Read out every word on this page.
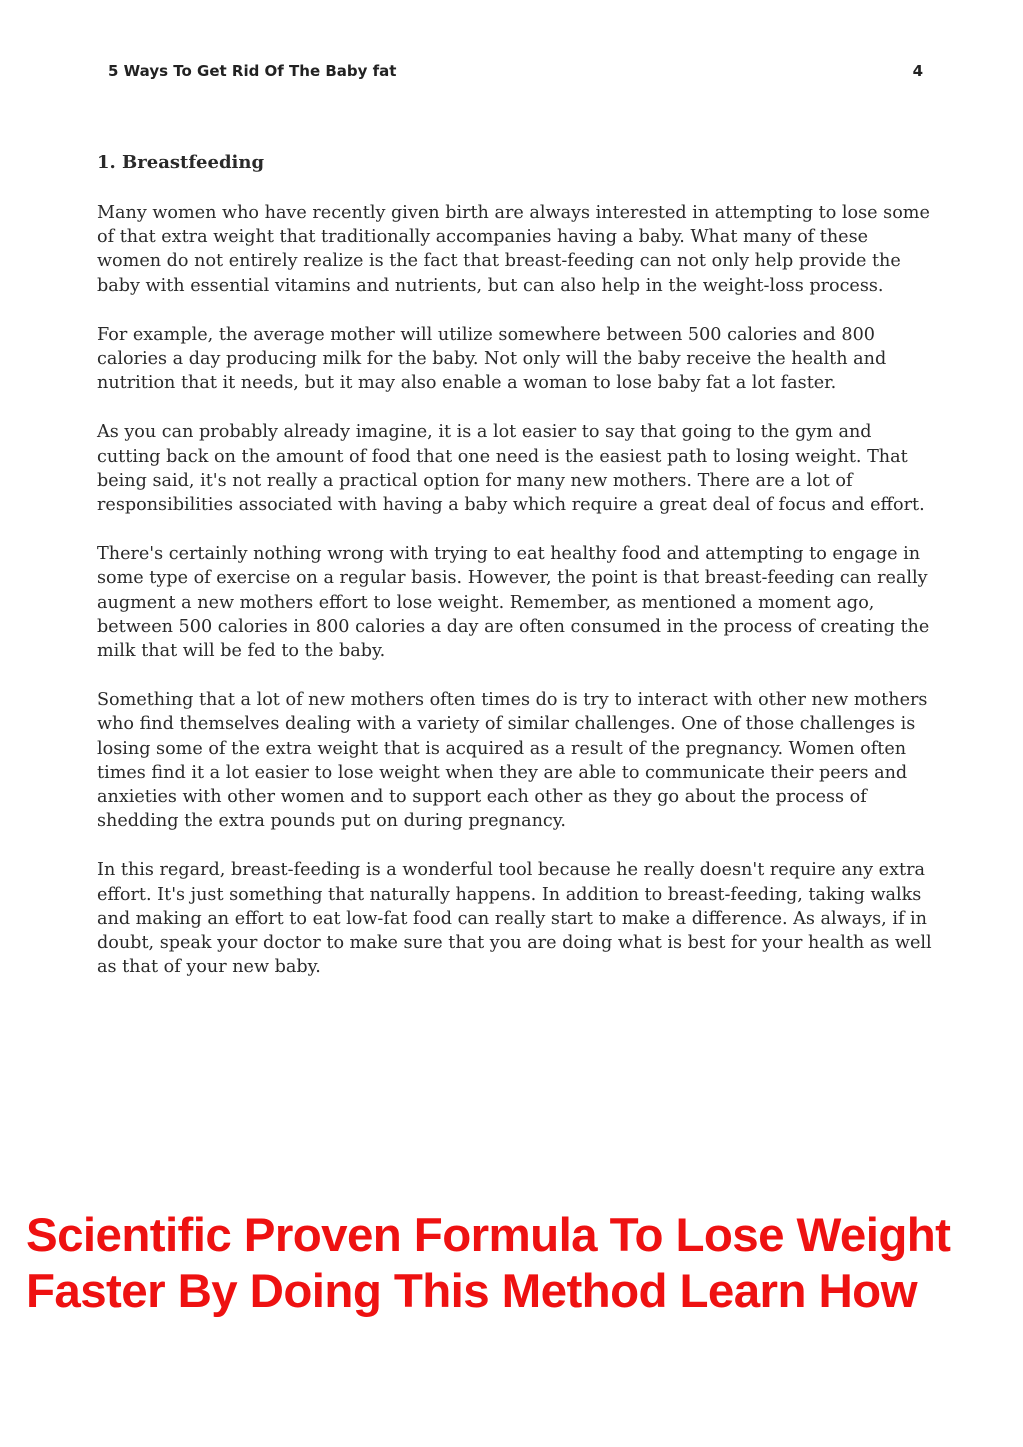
5 Ways To Get Rid Of The Baby fat	4
1. Breastfeeding

Many women who have recently given birth are always interested in attempting to lose some of that extra weight that traditionally accompanies having a baby. What many of these women do not entirely realize is the fact that breast-feeding can not only help provide the baby with essential vitamins and nutrients, but can also help in the weight-loss process.

For example, the average mother will utilize somewhere between 500 calories and 800 calories a day producing milk for the baby. Not only will the baby receive the health and nutrition that it needs, but it may also enable a woman to lose baby fat a lot faster.

As you can probably already imagine, it is a lot easier to say that going to the gym and cutting back on the amount of food that one need is the easiest path to losing weight. That being said, it's not really a practical option for many new mothers. There are a lot of responsibilities associated with having a baby which require a great deal of focus and effort.

There's certainly nothing wrong with trying to eat healthy food and attempting to engage in some type of exercise on a regular basis. However, the point is that breast-feeding can really augment a new mothers effort to lose weight. Remember, as mentioned a moment ago, between 500 calories in 800 calories a day are often consumed in the process of creating the milk that will be fed to the baby.

Something that a lot of new mothers often times do is try to interact with other new mothers who find themselves dealing with a variety of similar challenges. One of those challenges is losing some of the extra weight that is acquired as a result of the pregnancy. Women often times find it a lot easier to lose weight when they are able to communicate their peers and anxieties with other women and to support each other as they go about the process of shedding the extra pounds put on during pregnancy.

In this regard, breast-feeding is a wonderful tool because he really doesn't require any extra effort. It's just something that naturally happens. In addition to breast-feeding, taking walks and making an effort to eat low-fat food can really start to make a difference. As always, if in doubt, speak your doctor to make sure that you are doing what is best for your health as well as that of your new baby.

Scientific Proven Formula To Lose Weight
Faster By Doing This Method Learn How
